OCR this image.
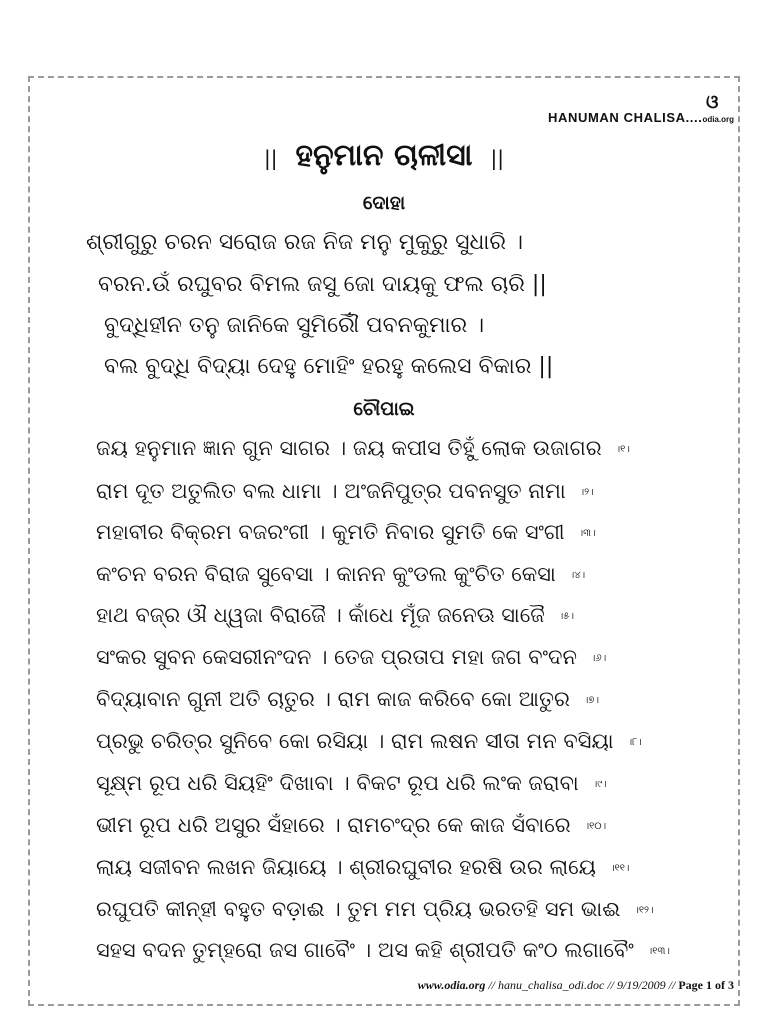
ଓ
HANUMAN CHALISA....odia.org
|| ହନୁମାନ ଚାଳୀସା ||
ଦୋହା
ଶ୍ରୀଗୁରୁ ଚରନ ସରୋଜ ରଜ ନିଜ ମନୁ ମୁକୁରୁ ସୁଧାରି ।
ବରନ.ଉଁ ରଘୁବର ବିମଲ ଜସୁ ଜୋ ଦାୟକୁ ଫଲ ଚାରି ||
ବୁଦ୍ଧିହୀନ ତନୁ ଜାନିକେ ସୁମିରୌଁ ପବନକୁମାର ।
ବଲ ବୁଦ୍ଧି ବିଦ୍ୟା ଦେହୁ ମୋହିଂ ହରହୁ କଲେସ ବିକାର ||
ଚୌପାଇ
ଜୟ ହନୁମାନ ଜ୍ଞାନ ଗୁନ ସାଗର । ଜୟ କପୀସ ତିହୁଁ ଲୋକ ଉଜାଗର ।୧।
ରାମ ଦୂତ ଅତୁଲିତ ବଲ ଧାମା । ଅଂଜନିପୁତ୍ର ପବନସୁତ ନାମା ।୨।
ମହାବୀର ବିକ୍ରମ ବଜରଂଗୀ । କୁମତି ନିବାର ସୁମତି କେ ସଂଗୀ ।୩।
କଂଚନ ବରନ ବିରାଜ ସୁବେସା । କାନନ କୁଂଡଲ କୁଂଚିତ କେସା ।୪।
ହାଥ ବଜ୍ର ଔ ଧ୍ୱଜା ବିରାଜୈ । କାଁଧେ ମୂଁଜ ଜନେଊ ସାଜୈ ।୫।
ସଂକର ସୁବନ କେସରୀନଂଦନ । ତେଜ ପ୍ରତାପ ମହା ଜଗ ବଂଦନ ।୬।
ବିଦ୍ୟାବାନ ଗୁନୀ ଅତି ଚାତୁର । ରାମ କାଜ କରିବେ କୋ ଆତୁର ।୭।
ପ୍ରଭୁ ଚରିତ୍ର ସୁନିବେ କୋ ରସିୟା । ରାମ ଲଷନ ସୀତା ମନ ବସିୟା ।୮।
ସୂକ୍ଷ୍ମ ରୂପ ଧରି ସିୟହିଂ ଦିଖାବା । ବିକଟ ରୂପ ଧରି ଲଂକ ଜରାବା ।୯।
ଭୀମ ରୂପ ଧରି ଅସୁର ସଁହାରେ । ରାମଚଂଦ୍ର କେ କାଜ ସଁବାରେ ।୧୦।
ଲାୟ ସଜୀବନ ଲଖନ ଜିୟାୟେ । ଶ୍ରୀରଘୁବୀର ହରଷି ଉର ଲାୟେ ।୧୧।
ରଘୁପତି କୀନ୍ହୀ ବହୁତ ବଡ଼ାଈ । ତୁମ ମମ ପ୍ରିୟ ଭରତହି ସମ ଭାଈ ।୧୨।
ସହସ ବଦନ ତୁମ୍ହରୋ ଜସ ଗାବୈଂ । ଅସ କହି ଶ୍ରୀପତି କଂଠ ଲଗାବୈଂ ।୧୩।
www.odia.org // hanu_chalisa_odi.doc // 9/19/2009 // Page 1 of 3
